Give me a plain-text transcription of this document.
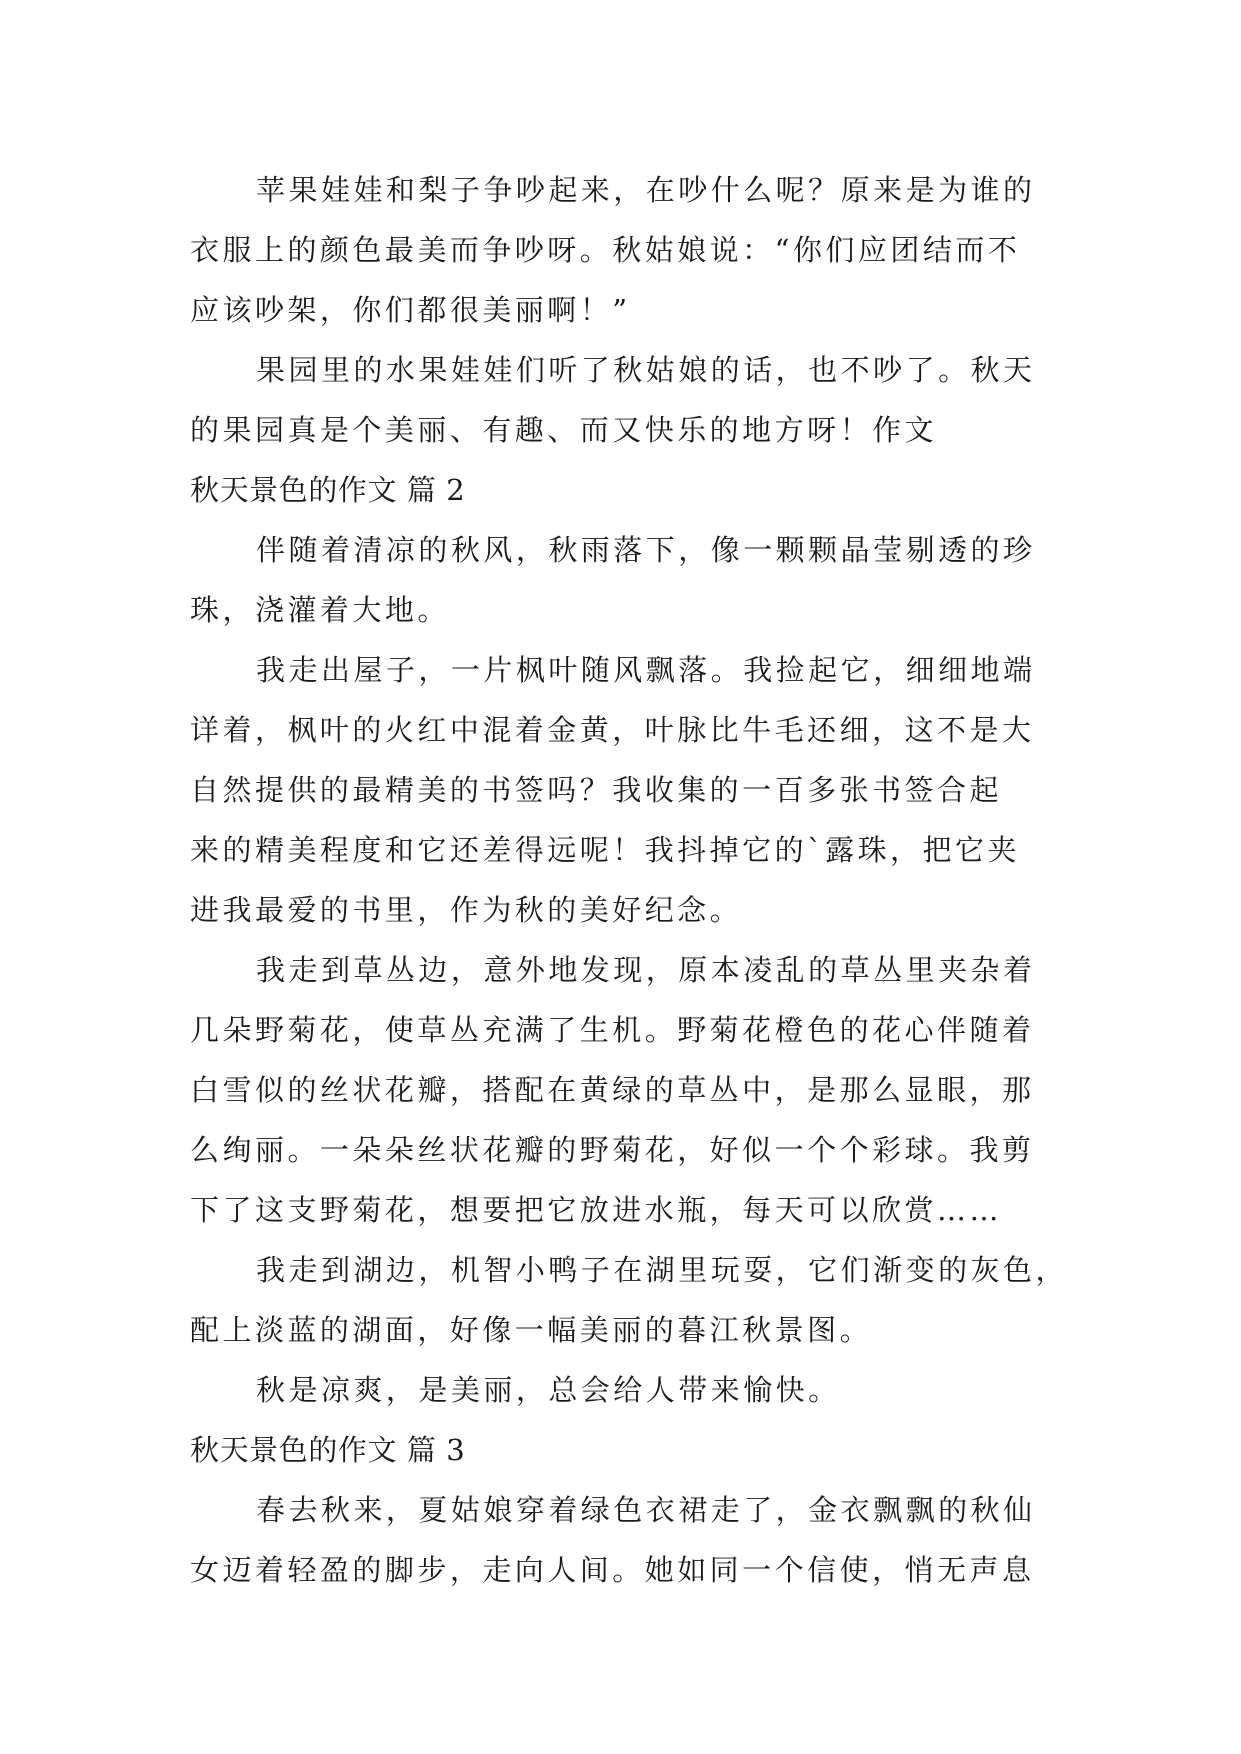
苹果娃娃和梨子争吵起来，在吵什么呢？原来是为谁的
衣服上的颜色最美而争吵呀。秋姑娘说：“你们应团结而不
应该吵架，你们都很美丽啊！”
果园里的水果娃娃们听了秋姑娘的话，也不吵了。秋天
的果园真是个美丽、有趣、而又快乐的地方呀！作文
秋天景色的作文 篇 2
伴随着清凉的秋风，秋雨落下，像一颗颗晶莹剔透的珍
珠，浇灌着大地。
我走出屋子，一片枫叶随风飘落。我捡起它，细细地端
详着，枫叶的火红中混着金黄，叶脉比牛毛还细，这不是大
自然提供的最精美的书签吗？我收集的一百多张书签合起
来的精美程度和它还差得远呢！我抖掉它的`露珠，把它夹
进我最爱的书里，作为秋的美好纪念。
我走到草丛边，意外地发现，原本凌乱的草丛里夹杂着
几朵野菊花，使草丛充满了生机。野菊花橙色的花心伴随着
白雪似的丝状花瓣，搭配在黄绿的草丛中，是那么显眼，那
么绚丽。一朵朵丝状花瓣的野菊花，好似一个个彩球。我剪
下了这支野菊花，想要把它放进水瓶，每天可以欣赏……
我走到湖边，机智小鸭子在湖里玩耍，它们渐变的灰色，
配上淡蓝的湖面，好像一幅美丽的暮江秋景图。
秋是凉爽，是美丽，总会给人带来愉快。
秋天景色的作文 篇 3
春去秋来，夏姑娘穿着绿色衣裙走了，金衣飘飘的秋仙
女迈着轻盈的脚步，走向人间。她如同一个信使，悄无声息
